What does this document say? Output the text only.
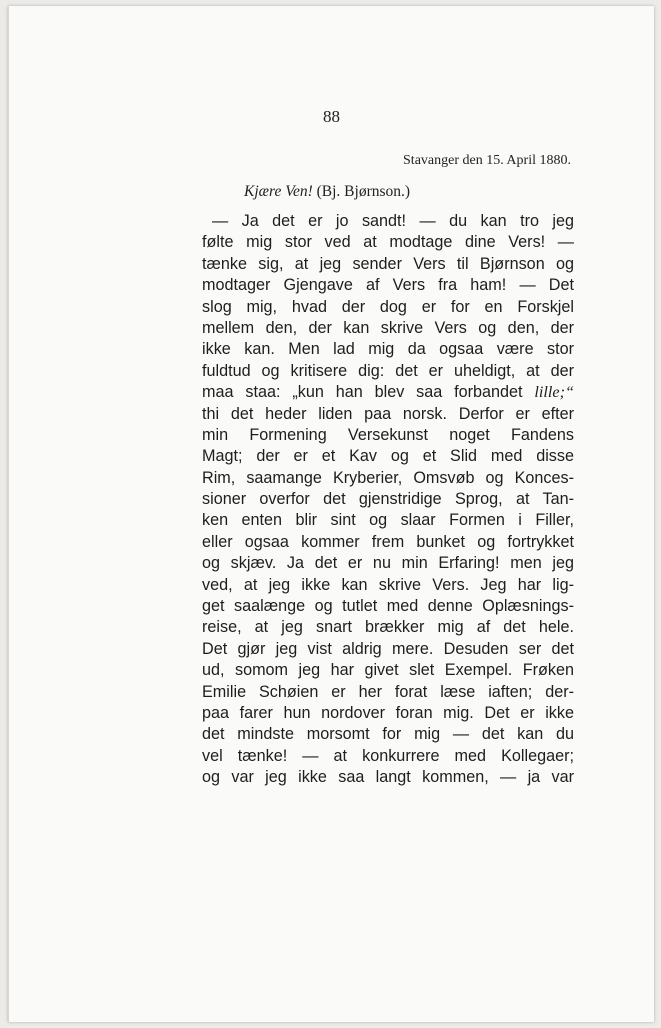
88
Stavanger den 15. April 1880.
Kjære Ven! (Bj. Bjørnson.)
— Ja det er jo sandt! — du kan tro jeg
følte mig stor ved at modtage dine Vers! —
tænke sig, at jeg sender Vers til Bjørnson og
modtager Gjengave af Vers fra ham! — Det
slog mig, hvad der dog er for en Forskjel
mellem den, der kan skrive Vers og den, der
ikke kan. Men lad mig da ogsaa være stor
fuldtud og kritisere dig: det er uheldigt, at der
maa staa: „kun han blev saa forbandet lille;“
thi det heder liden paa norsk. Derfor er efter
min Formening Versekunst noget Fandens
Magt; der er et Kav og et Slid med disse
Rim, saamange Kryberier, Omsvøb og Konces-
sioner overfor det gjenstridige Sprog, at Tan-
ken enten blir sint og slaar Formen i Filler,
eller ogsaa kommer frem bunket og fortrykket
og skjæv. Ja det er nu min Erfaring! men jeg
ved, at jeg ikke kan skrive Vers. Jeg har lig-
get saalænge og tutlet med denne Oplæsnings-
reise, at jeg snart brækker mig af det hele.
Det gjør jeg vist aldrig mere. Desuden ser det
ud, somom jeg har givet slet Exempel. Frøken
Emilie Schøien er her forat læse iaften; der-
paa farer hun nordover foran mig. Det er ikke
det mindste morsomt for mig — det kan du
vel tænke! — at konkurrere med Kollegaer;
og var jeg ikke saa langt kommen, — ja var
